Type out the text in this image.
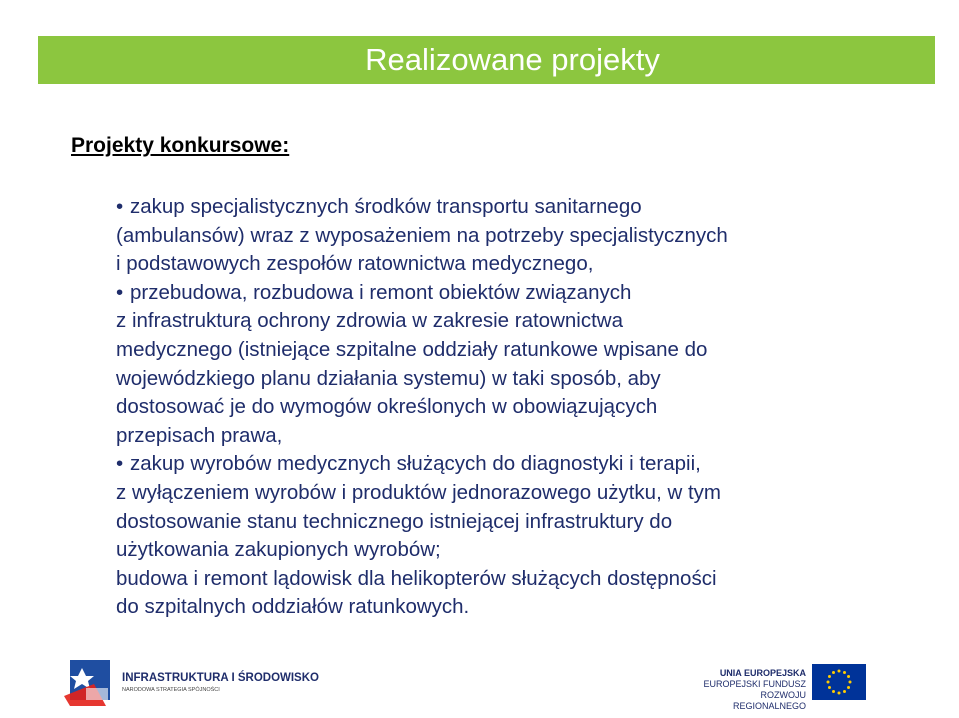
Realizowane projekty
Projekty konkursowe:
• zakup specjalistycznych środków transportu sanitarnego
(ambulansów) wraz z wyposażeniem na potrzeby specjalistycznych
i podstawowych zespołów ratownictwa medycznego,
• przebudowa, rozbudowa i remont obiektów związanych
z infrastrukturą ochrony zdrowia w zakresie ratownictwa
medycznego (istniejące szpitalne oddziały ratunkowe wpisane do
wojewódzkiego planu działania systemu) w taki sposób, aby
dostosować je do wymogów określonych w obowiązujących
przepisach prawa,
• zakup wyrobów medycznych służących do diagnostyki i terapii,
z wyłączeniem wyrobów i produktów jednorazowego użytku, w tym
dostosowanie stanu technicznego istniejącej infrastruktury do
użytkowania zakupionych wyrobów;
budowa i remont lądowisk dla helikopterów służących dostępności
do szpitalnych oddziałów ratunkowych.
INFRASTRUKTURA I ŚRODOWISKO
NARODOWA STRATEGIA SPÓJNOŚCI
UNIA EUROPEJSKA
EUROPEJSKI FUNDUSZ
ROZWOJU REGIONALNEGO
